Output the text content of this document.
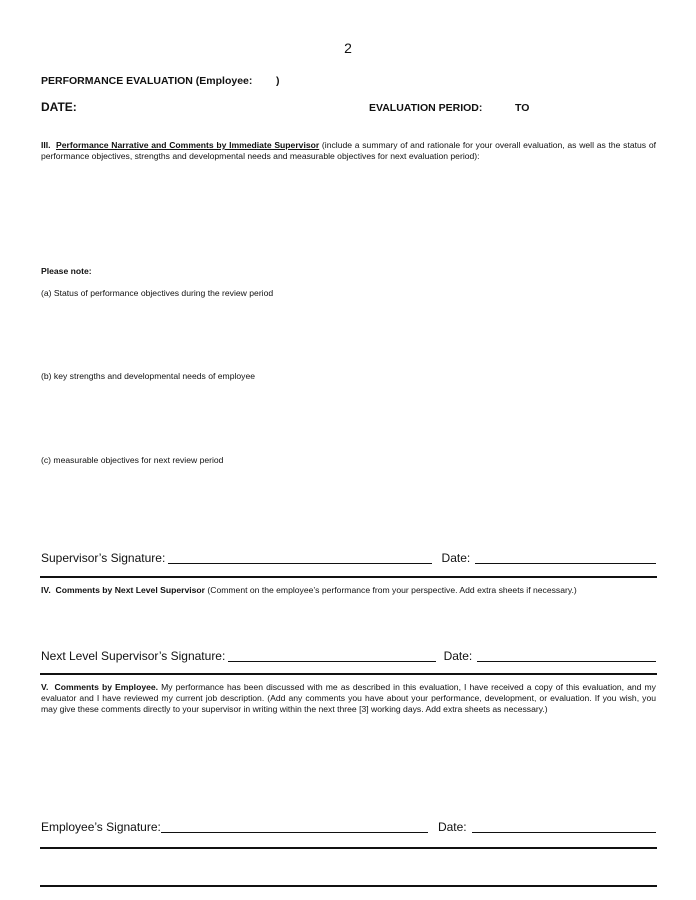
2
PERFORMANCE EVALUATION (Employee: )
DATE:	EVALUATION PERIOD:	TO
III. Performance Narrative and Comments by Immediate Supervisor (include a summary of and rationale for your overall evaluation, as well as the status of performance objectives, strengths and developmental needs and measurable objectives for next evaluation period):
Please note:
(a) Status of performance objectives during the review period
(b) key strengths and developmental needs of employee
(c) measurable objectives for next review period
Supervisor’s Signature:	Date:
IV. Comments by Next Level Supervisor (Comment on the employee’s performance from your perspective. Add extra sheets if necessary.)
Next Level Supervisor’s Signature:	Date:
V. Comments by Employee. My performance has been discussed with me as described in this evaluation, I have received a copy of this evaluation, and my evaluator and I have reviewed my current job description. (Add any comments you have about your performance, development, or evaluation. If you wish, you may give these comments directly to your supervisor in writing within the next three [3] working days. Add extra sheets as necessary.)
Employee’s Signature:	Date:
